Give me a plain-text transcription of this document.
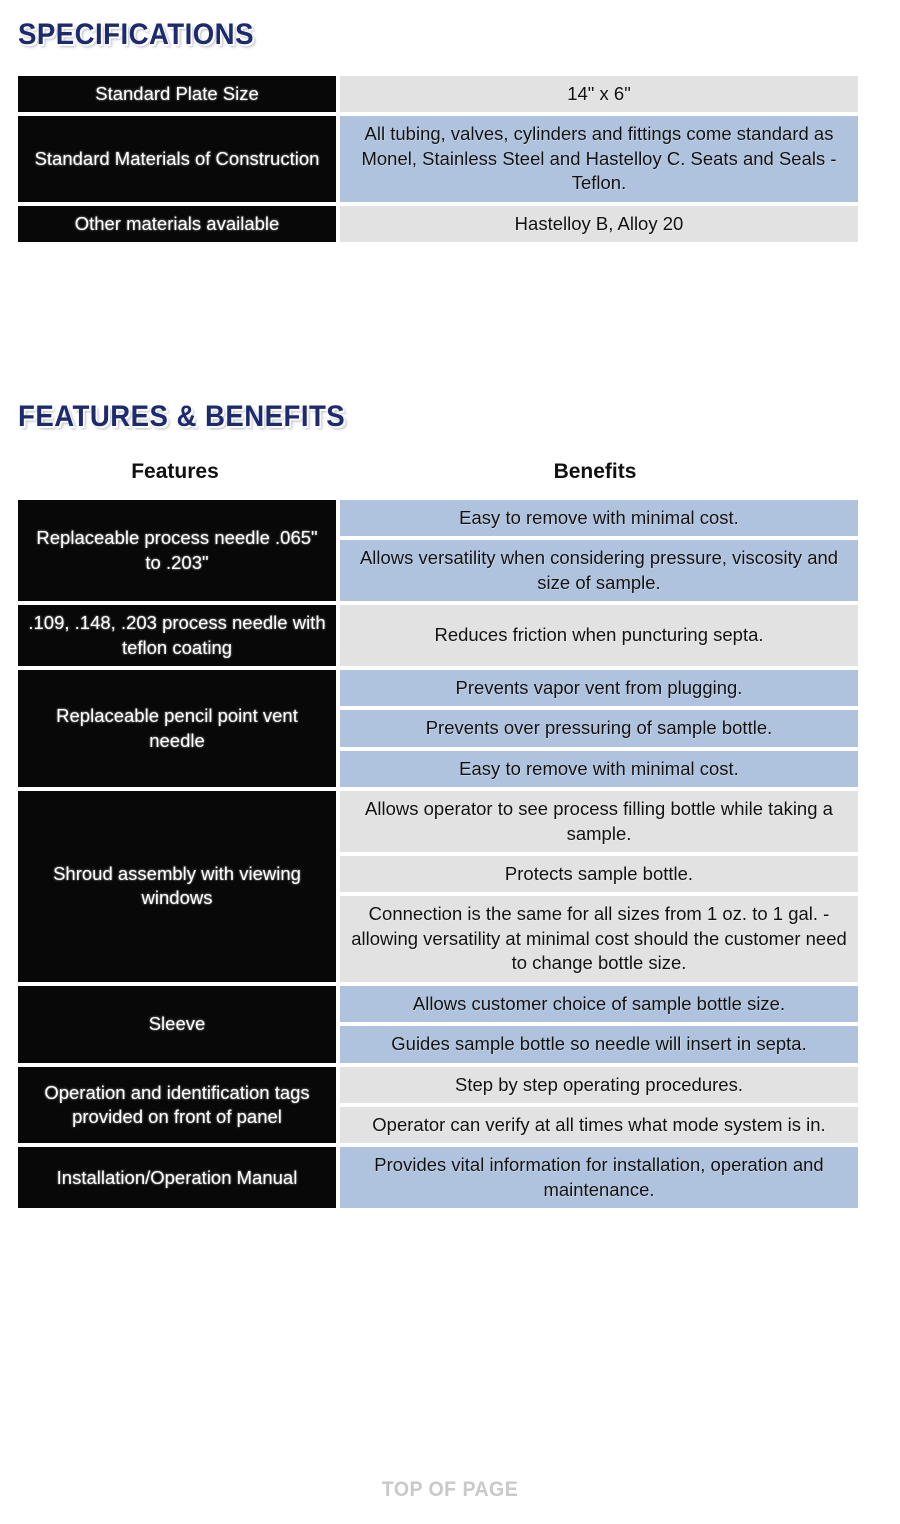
SPECIFICATIONS
Standard Plate Size	14" x 6"
Standard Materials of Construction	All tubing, valves, cylinders and fittings come standard as Monel, Stainless Steel and Hastelloy C. Seats and Seals - Teflon.
Other materials available	Hastelloy B, Alloy 20
FEATURES & BENEFITS
Features	Benefits
Replaceable process needle .065" to .203"	Easy to remove with minimal cost.
	Allows versatility when considering pressure, viscosity and size of sample.
.109, .148, .203 process needle with teflon coating	Reduces friction when puncturing septa.
Replaceable pencil point vent needle	Prevents vapor vent from plugging.
	Prevents over pressuring of sample bottle.
	Easy to remove with minimal cost.
Shroud assembly with viewing windows	Allows operator to see process filling bottle while taking a sample.
	Protects sample bottle.
	Connection is the same for all sizes from 1 oz. to 1 gal. - allowing versatility at minimal cost should the customer need to change bottle size.
Sleeve	Allows customer choice of sample bottle size.
	Guides sample bottle so needle will insert in septa.
Operation and identification tags provided on front of panel	Step by step operating procedures.
	Operator can verify at all times what mode system is in.
Installation/Operation Manual	Provides vital information for installation, operation and maintenance.
TOP OF PAGE
